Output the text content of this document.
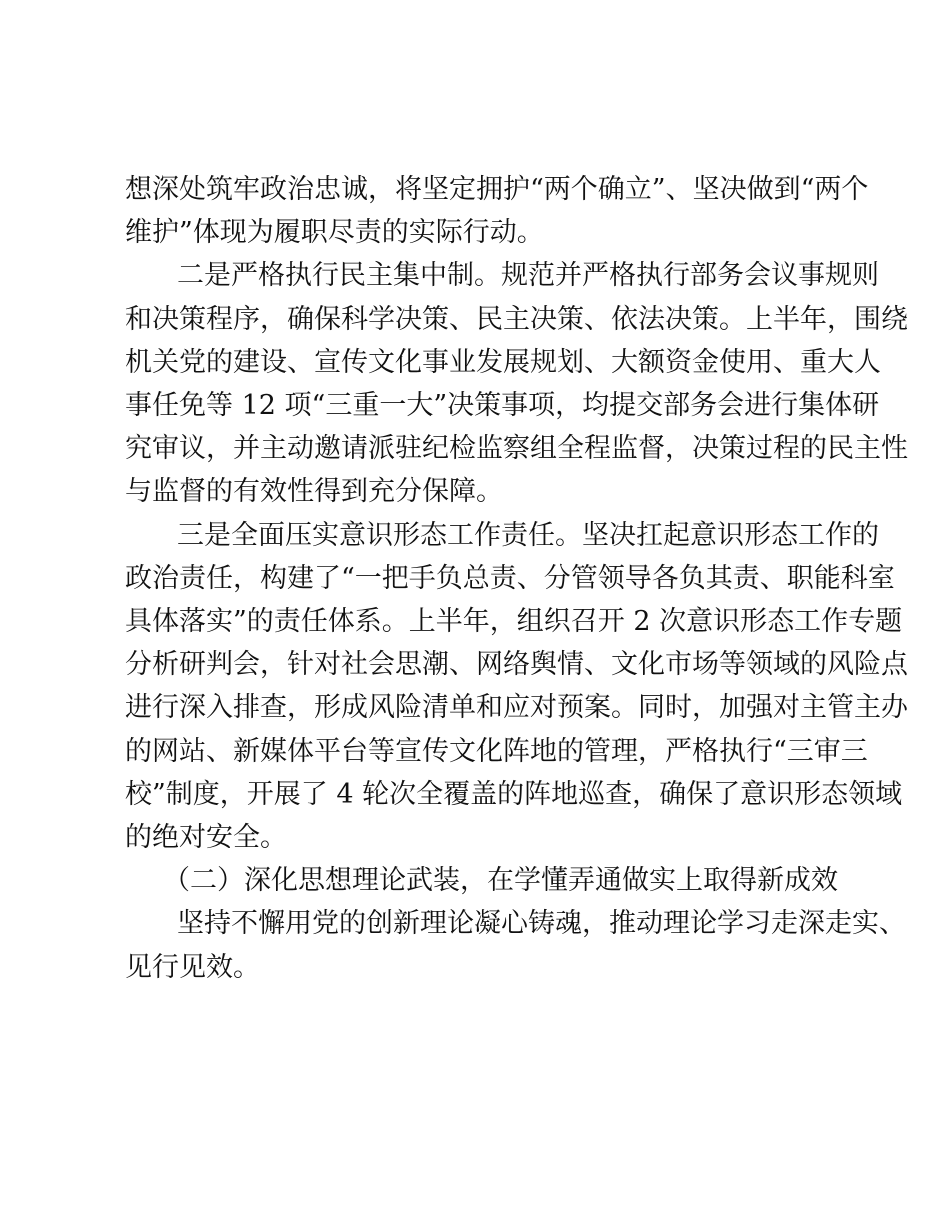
想深处筑牢政治忠诚，将坚定拥护“两个确立”、坚决做到“两个
维护”体现为履职尽责的实际行动。
二是严格执行民主集中制。规范并严格执行部务会议事规则
和决策程序，确保科学决策、民主决策、依法决策。上半年，围绕
机关党的建设、宣传文化事业发展规划、大额资金使用、重大人
事任免等 12 项“三重一大”决策事项，均提交部务会进行集体研
究审议，并主动邀请派驻纪检监察组全程监督，决策过程的民主性
与监督的有效性得到充分保障。
三是全面压实意识形态工作责任。坚决扛起意识形态工作的
政治责任，构建了“一把手负总责、分管领导各负其责、职能科室
具体落实”的责任体系。上半年，组织召开 2 次意识形态工作专题
分析研判会，针对社会思潮、网络舆情、文化市场等领域的风险点
进行深入排查，形成风险清单和应对预案。同时，加强对主管主办
的网站、新媒体平台等宣传文化阵地的管理，严格执行“三审三
校”制度，开展了 4 轮次全覆盖的阵地巡查，确保了意识形态领域
的绝对安全。
（二）深化思想理论武装，在学懂弄通做实上取得新成效
坚持不懈用党的创新理论凝心铸魂，推动理论学习走深走实、
见行见效。
